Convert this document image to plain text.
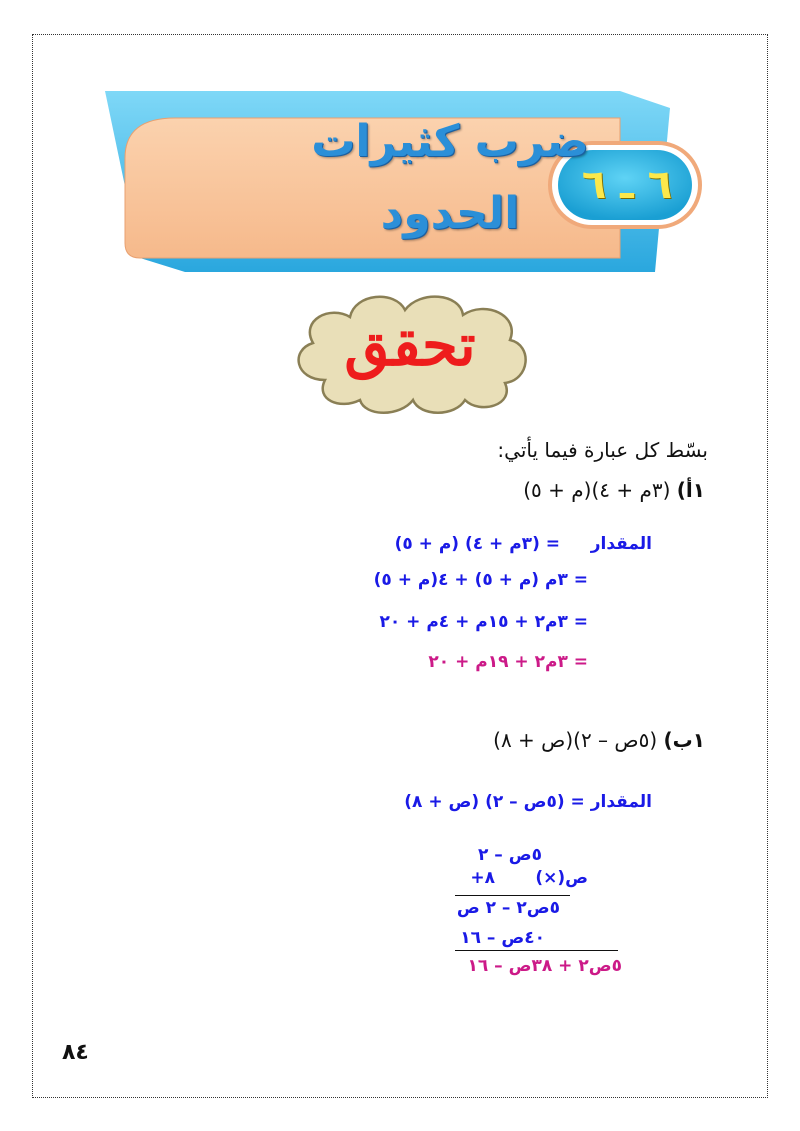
ضرب كثيرات
الحدود
٦ ـ ٦
تحقق
بسّط كل عبارة فيما يأتي:
١أ) (٣م + ٤)(م + ٥)
المقدار
= (٣م + ٤) (م + ٥)
= ٣م (م + ٥) + ٤(م + ٥)
= ٣م٢ + ١٥م + ٤م + ٢٠
= ٣م٢ + ١٩م + ٢٠
١ب) (٥ص – ٢)(ص + ٨)
المقدار = (٥ص – ٢) (ص + ٨)
٥ص – ٢
ص(×)
+٨
٥ص٢ – ٢ ص
٤٠ص – ١٦
٥ص٢ + ٣٨ص – ١٦
٨٤
